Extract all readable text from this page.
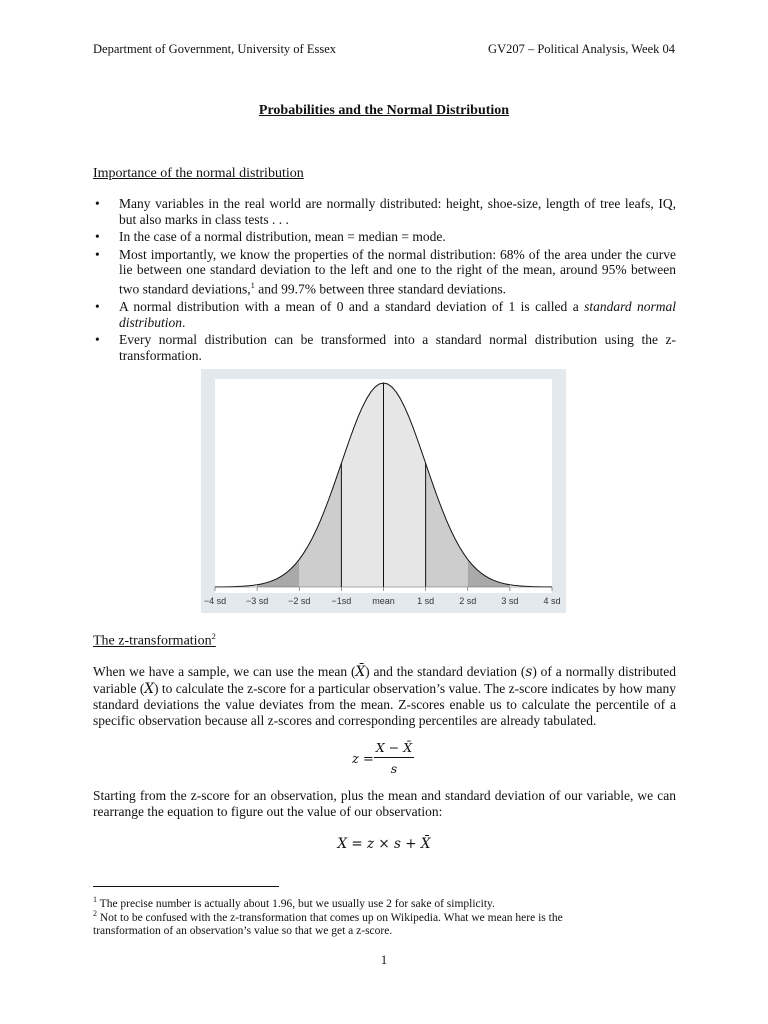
Department of Government, University of Essex	GV207 – Political Analysis, Week 04
Probabilities and the Normal Distribution
Importance of the normal distribution
• Many variables in the real world are normally distributed: height, shoe-size, length of tree leafs, IQ, but also marks in class tests . . .
• In the case of a normal distribution, mean = median = mode.
• Most importantly, we know the properties of the normal distribution: 68% of the area under the curve lie between one standard deviation to the left and one to the right of the mean, around 95% between two standard deviations,$^1$ and 99.7% between three standard deviations.
• A normal distribution with a mean of 0 and a standard deviation of 1 is called a standard normal distribution.
• Every normal distribution can be transformed into a standard normal distribution using the z-transformation.
−4 sd −3 sd −2 sd −1sd mean 1 sd	2 sd	3 sd	4 sd
The z-transformation$^2$

When we have a sample, we can use the mean (X̄) and the standard deviation (s) of a normally distributed variable (X) to calculate the z-score for a particular observation’s value. The z-score indicates by how many standard deviations the value deviates from the mean. Z-scores enable us to calculate the percentile of a specific observation because all z-scores and corresponding percentiles are already tabulated.

z =
X − X̄
s

Starting from the z-score for an observation, plus the mean and standard deviation of our variable, we can rearrange the equation to figure out the value of our observation:

X = z × s + X̄
$^1$ The precise number is actually about 1.96, but we usually use 2 for sake of simplicity.
$^2$ Not to be confused with the z-transformation that comes up on Wikipedia. What we mean here is the
transformation of an observation’s value so that we get a z-score.
1
